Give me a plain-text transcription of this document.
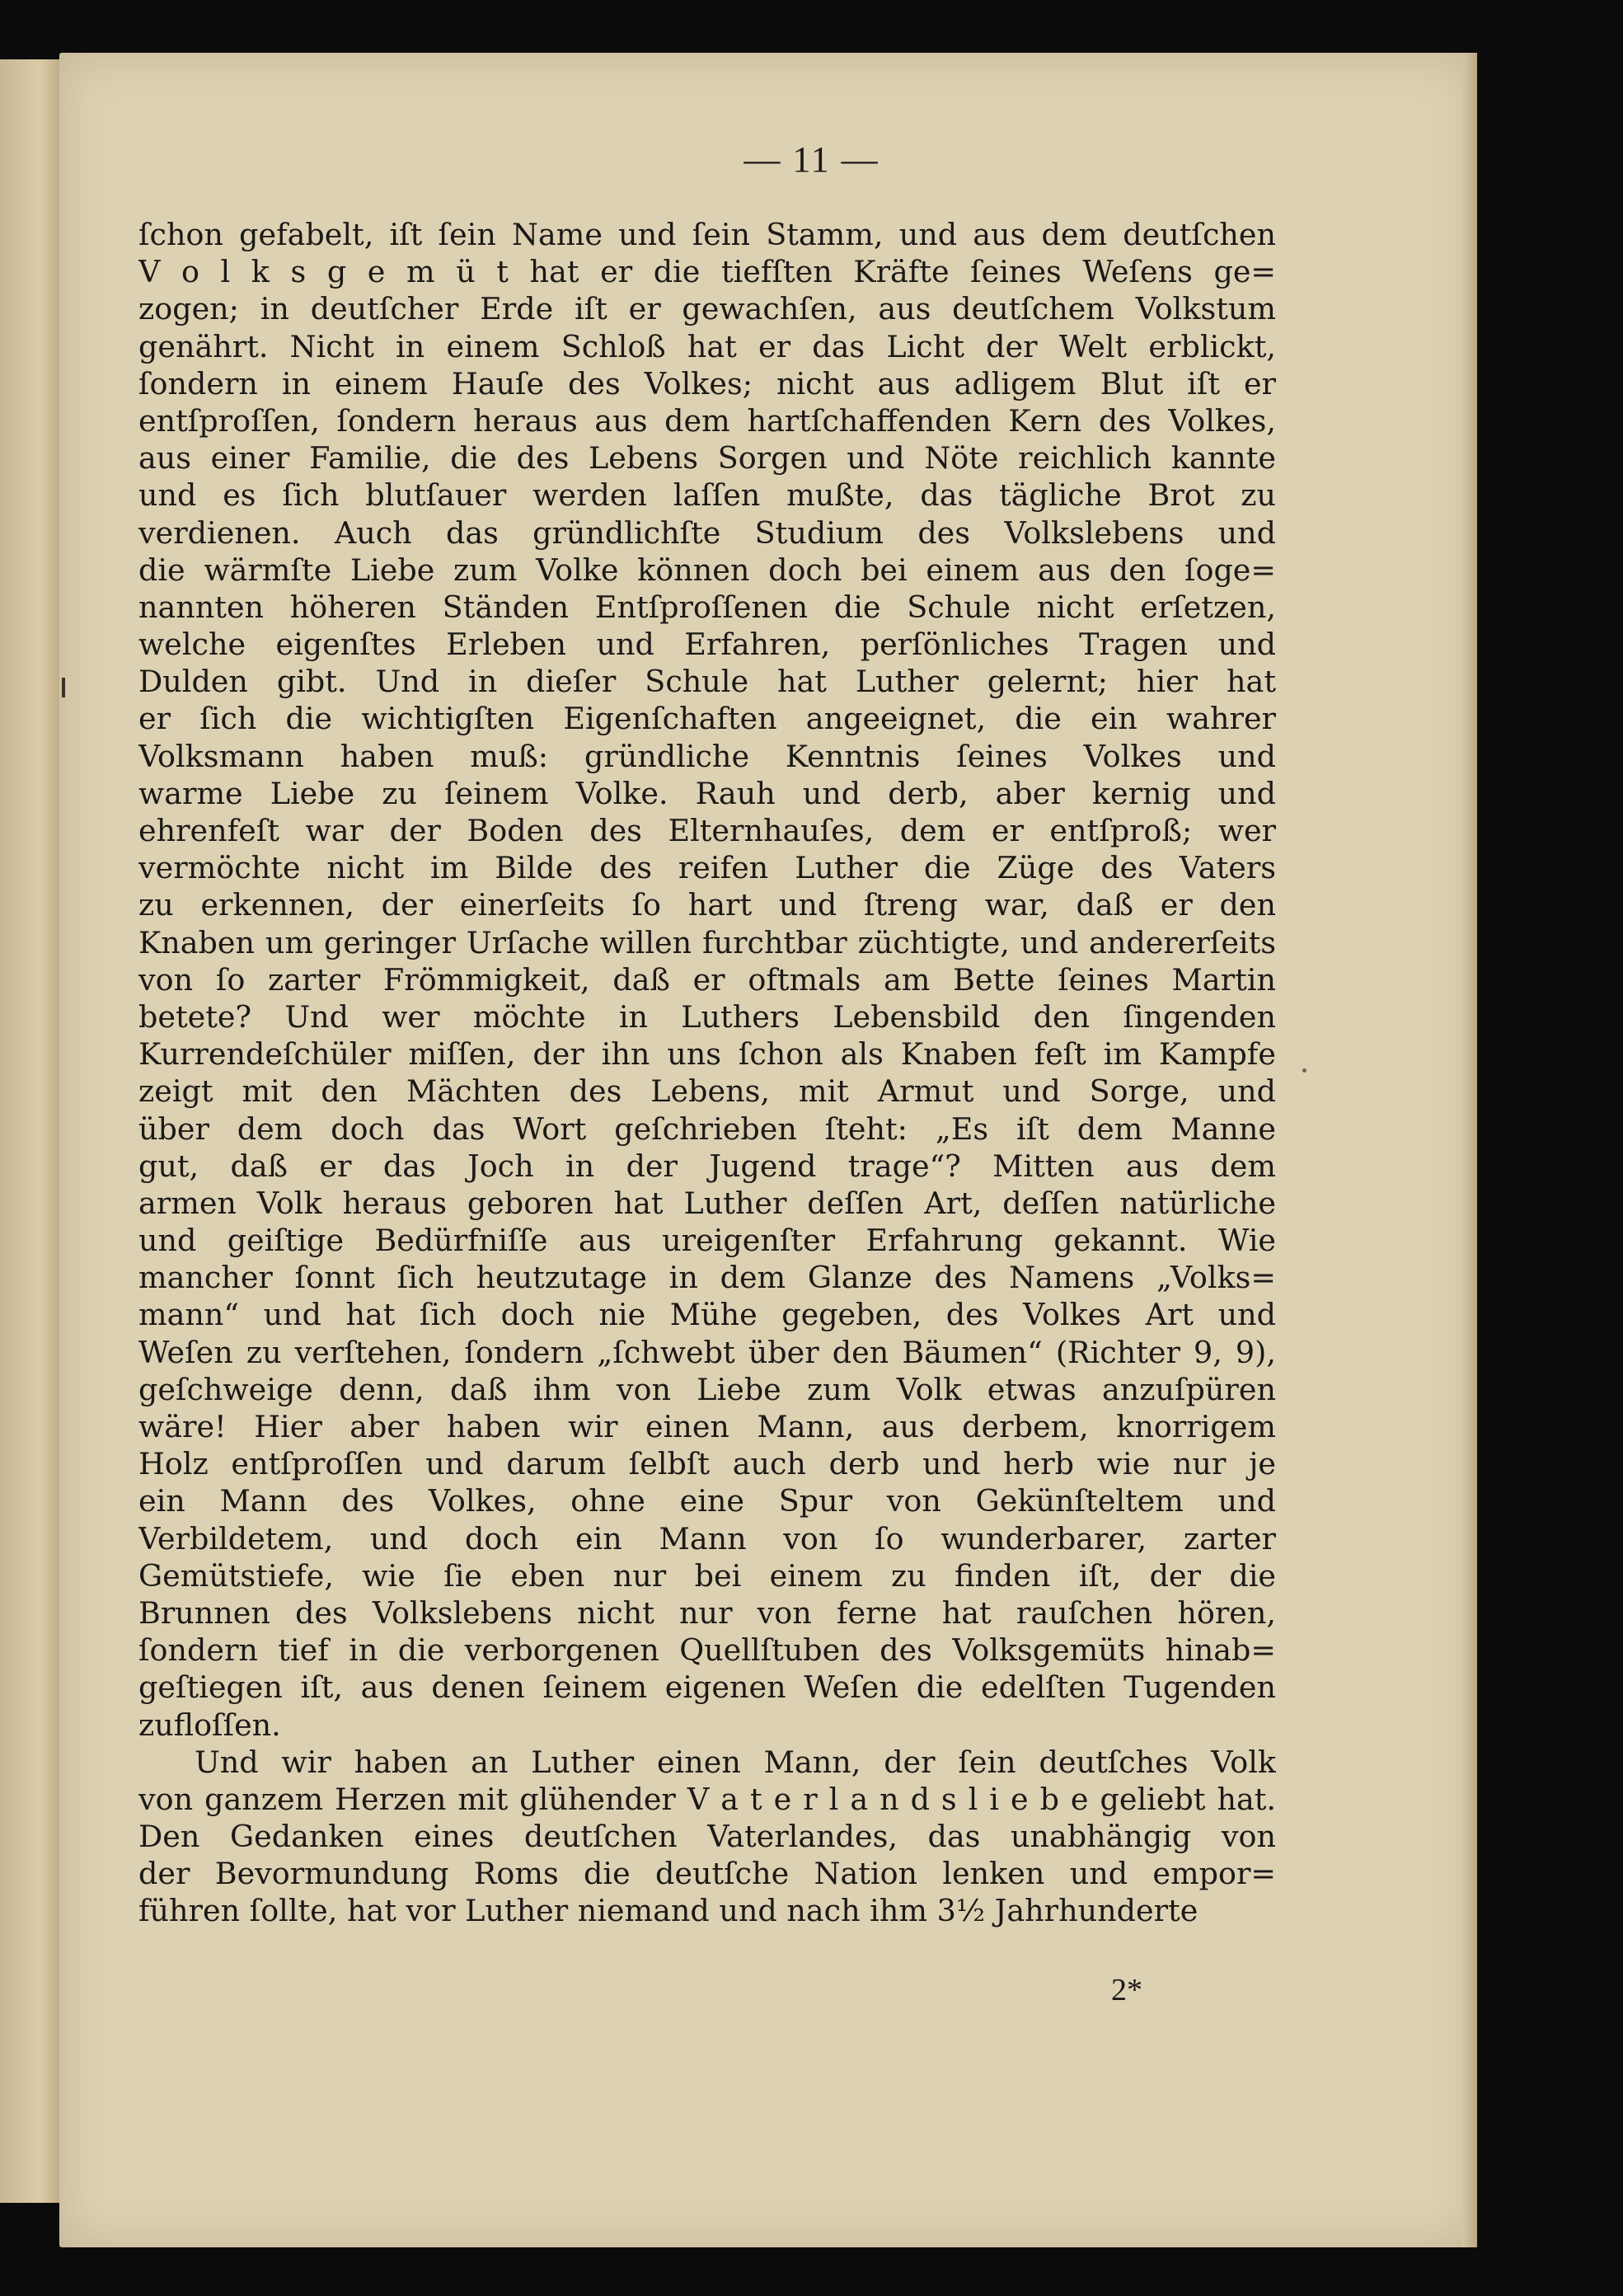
— 11 —
ſchon gefabelt, iſt ſein Name und ſein Stamm, und aus dem deutſchen
V o l k s g e m ü t hat er die tiefſten Kräfte ſeines Weſens ge=
zogen; in deutſcher Erde iſt er gewachſen, aus deutſchem Volkstum
genährt. Nicht in einem Schloß hat er das Licht der Welt erblickt,
ſondern in einem Hauſe des Volkes; nicht aus adligem Blut iſt er
entſproſſen, ſondern heraus aus dem hartſchaffenden Kern des Volkes,
aus einer Familie, die des Lebens Sorgen und Nöte reichlich kannte
und es ſich blutſauer werden laſſen mußte, das tägliche Brot zu
verdienen. Auch das gründlichſte Studium des Volkslebens und
die wärmſte Liebe zum Volke können doch bei einem aus den ſoge=
nannten höheren Ständen Entſproſſenen die Schule nicht erſetzen,
welche eigenſtes Erleben und Erfahren, perſönliches Tragen und
Dulden gibt. Und in dieſer Schule hat Luther gelernt; hier hat
er ſich die wichtigſten Eigenſchaften angeeignet, die ein wahrer
Volksmann haben muß: gründliche Kenntnis ſeines Volkes und
warme Liebe zu ſeinem Volke. Rauh und derb, aber kernig und
ehrenfeſt war der Boden des Elternhauſes, dem er entſproß; wer
vermöchte nicht im Bilde des reifen Luther die Züge des Vaters
zu erkennen, der einerſeits ſo hart und ſtreng war, daß er den
Knaben um geringer Urſache willen furchtbar züchtigte, und andererſeits
von ſo zarter Frömmigkeit, daß er oftmals am Bette ſeines Martin
betete? Und wer möchte in Luthers Lebensbild den ſingenden
Kurrendeſchüler miſſen, der ihn uns ſchon als Knaben feſt im Kampfe
zeigt mit den Mächten des Lebens, mit Armut und Sorge, und
über dem doch das Wort geſchrieben ſteht: „Es iſt dem Manne
gut, daß er das Joch in der Jugend trage“? Mitten aus dem
armen Volk heraus geboren hat Luther deſſen Art, deſſen natürliche
und geiſtige Bedürfniſſe aus ureigenſter Erfahrung gekannt. Wie
mancher ſonnt ſich heutzutage in dem Glanze des Namens „Volks=
mann“ und hat ſich doch nie Mühe gegeben, des Volkes Art und
Weſen zu verſtehen, ſondern „ſchwebt über den Bäumen“ (Richter 9, 9),
geſchweige denn, daß ihm von Liebe zum Volk etwas anzuſpüren
wäre! Hier aber haben wir einen Mann, aus derbem, knorrigem
Holz entſproſſen und darum ſelbſt auch derb und herb wie nur je
ein Mann des Volkes, ohne eine Spur von Gekünſteltem und
Verbildetem, und doch ein Mann von ſo wunderbarer, zarter
Gemütstiefe, wie ſie eben nur bei einem zu finden iſt, der die
Brunnen des Volkslebens nicht nur von ferne hat rauſchen hören,
ſondern tief in die verborgenen Quellſtuben des Volksgemüts hinab=
geſtiegen iſt, aus denen ſeinem eigenen Weſen die edelſten Tugenden
zufloſſen.
Und wir haben an Luther einen Mann, der ſein deutſches Volk
von ganzem Herzen mit glühender V a t e r l a n d s l i e b e geliebt hat.
Den Gedanken eines deutſchen Vaterlandes, das unabhängig von
der Bevormundung Roms die deutſche Nation lenken und empor=
führen ſollte, hat vor Luther niemand und nach ihm 3½ Jahrhunderte
2*
